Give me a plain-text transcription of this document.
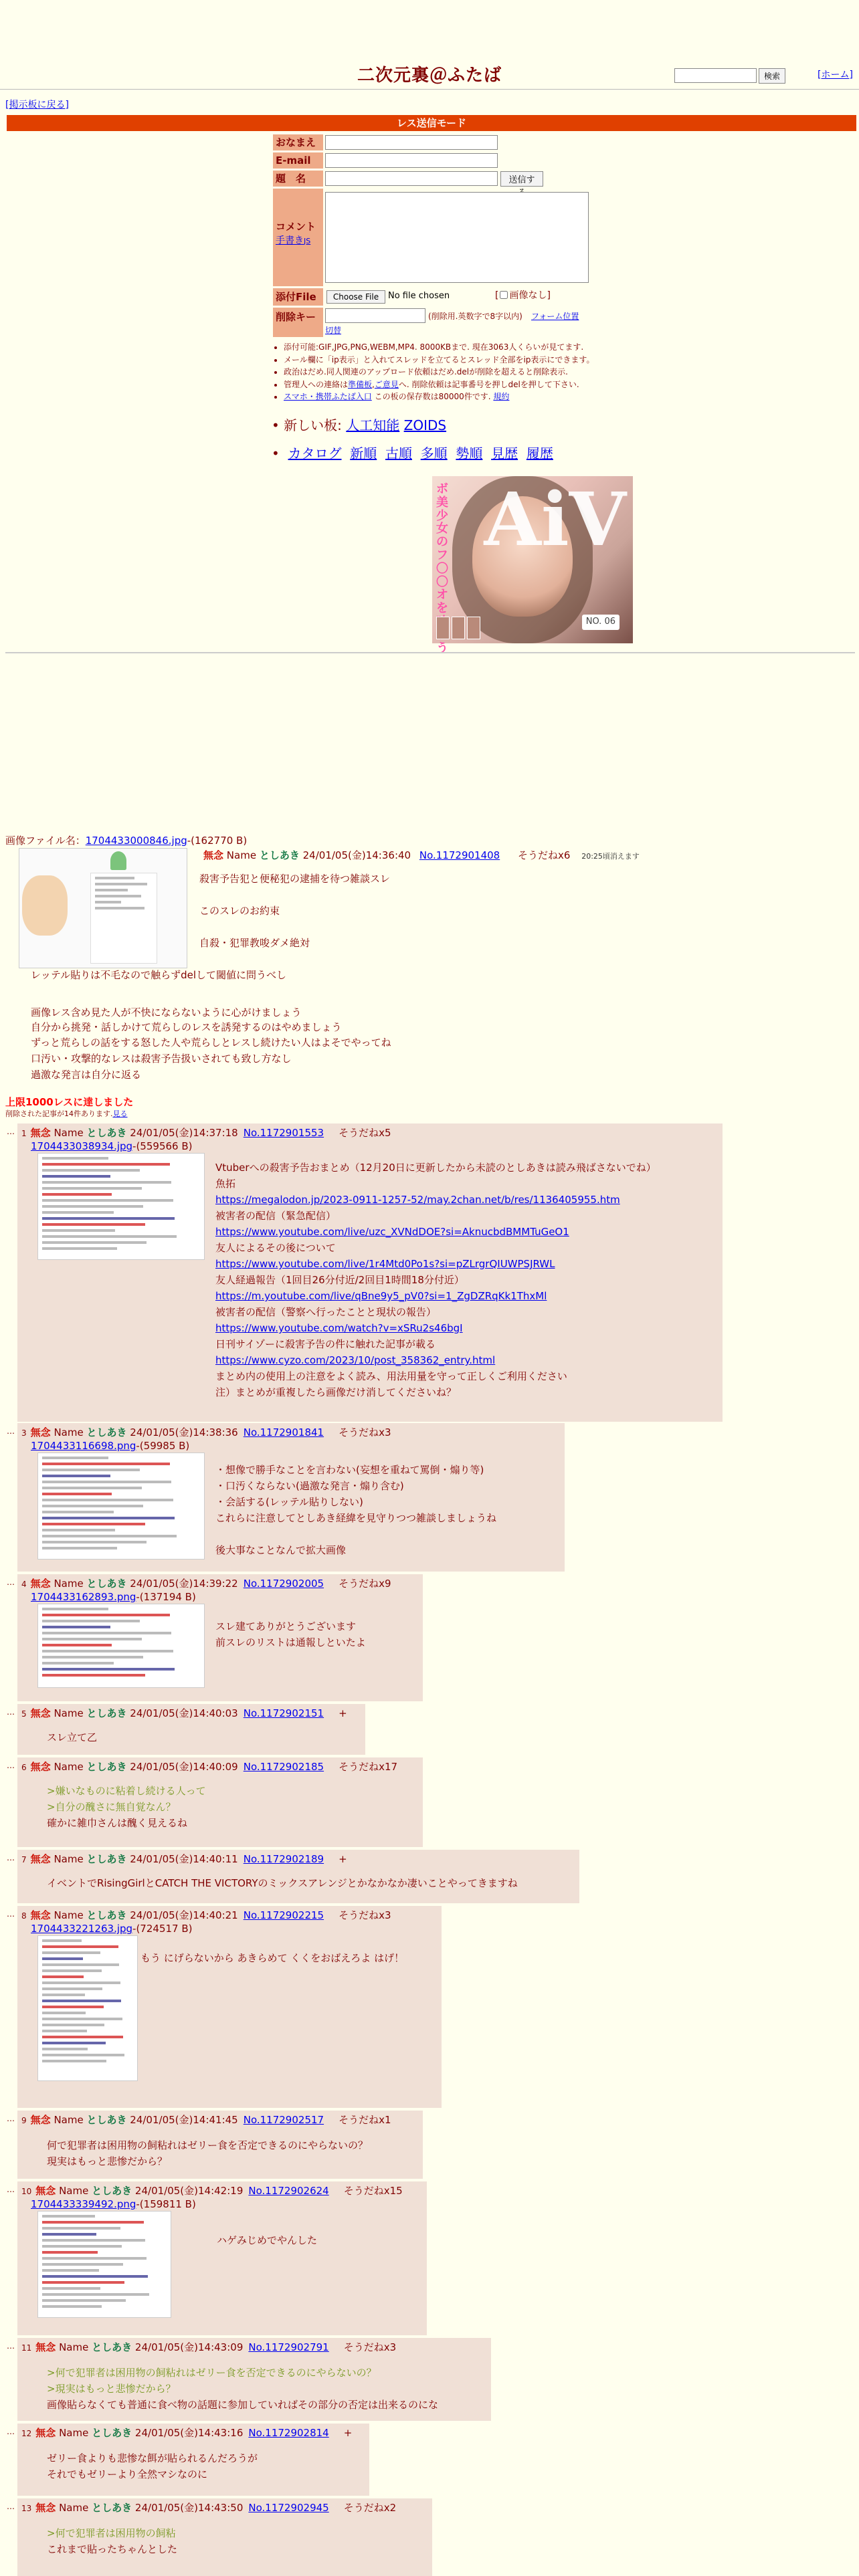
二次元裏＠ふたば	検索	[ホーム]
[掲示板に戻る]
レス送信モード
おなまえ
E-mail
題　名	送信す
コメント
手書きJS
添付File	Choose File	No file chosen	[ 画像なし]
削除キー	(削除用.英数字で8字以内) フォーム位置
切替
• 添付可能:GIF,JPG,PNG,WEBM,MP4. 8000KBまで. 現在3063人くらいが見てます.
• メール欄に「ip表示」と入れてスレッドを立てるとスレッド全部をip表示にできます。
• 政治はだめ.同人関連のアップロード依頼はだめ.delが削除を超えると削除表示.
• 管理人への連絡は準備板,ご意見へ. 削除依頼は記事番号を押しdelを押して下さい.
• スマホ・携帯ふたば入口 この板の保存数は80000件です. 規約
• 新しい板: 人工知能 ZOIDS
•  カタログ 新順 古順 多順 勢順 見歴 履歴
AiV
ボ美少女のフ〇〇オを う
NO. 06
画像ファイル名：1704433000846.jpg-(162770 B)
無念 Name としあき 24/01/05(金)14:36:40 No.1172901408 そうだねx6 20:25頃消えます
殺害予告犯と便秘犯の逮捕を待つ雑談スレ
このスレのお約束
自殺・犯罪教唆ダメ絶対
レッテル貼りは不毛なので触らずdelして閾値に問うべし
画像レス含め見た人が不快にならないように心がけましょう
自分から挑発・話しかけて荒らしのレスを誘発するのはやめましょう
ずっと荒らしの話をする怒した人や荒らしとレスし続けたい人はよそでやってね
口汚い・攻撃的なレスは殺害予告扱いされても致し方なし
過激な発言は自分に返る
上限1000レスに達しました
削除された記事が14件あります.見る
… 1 無念 Name としあき 24/01/05(金)14:37:18 No.1172901553 そうだねx5
1704433038934.jpg-(559566 B)
Vtuberへの殺害予告おまとめ（12月20日に更新したから未読のとしあきは読み飛ばさないでね）
魚拓
https://megalodon.jp/2023-0911-1257-52/may.2chan.net/b/res/1136405955.htm
被害者の配信（緊急配信）
https://www.youtube.com/live/uzc_XVNdDOE?si=AknucbdBMMTuGeO1
友人によるその後について
https://www.youtube.com/live/1r4Mtd0Po1s?si=pZLrgrQIUWPSJRWL
友人経過報告（1回目26分付近/2回目1時間18分付近）
https://m.youtube.com/live/qBne9y5_pV0?si=1_ZgDZRqKk1ThxMl
被害者の配信（警察へ行ったことと現状の報告）
https://www.youtube.com/watch?v=xSRu2s46bgI
日刊サイゾーに殺害予告の件に触れた記事が載る
https://www.cyzo.com/2023/10/post_358362_entry.html
まとめ内の使用上の注意をよく読み、用法用量を守って正しくご利用ください
注）まとめが重複したら画像だけ消してくださいね？
… 3 無念 Name としあき 24/01/05(金)14:38:36 No.1172901841 そうだねx3
1704433116698.png-(59985 B)
・想像で勝手なことを言わない(妄想を重ねて罵倒・煽り等)
・口汚くならない(過激な発言・煽り含む)
・会話する(レッテル貼りしない)
これらに注意してとしあき経緯を見守りつつ雑談しましょうね
後大事なことなんで拡大画像
… 4 無念 Name としあき 24/01/05(金)14:39:22 No.1172902005 そうだねx9
1704433162893.png-(137194 B)
スレ建てありがとうございます
前スレのリストは通報しといたよ
… 5 無念 Name としあき 24/01/05(金)14:40:03 No.1172902151 +
スレ立て乙
… 6 無念 Name としあき 24/01/05(金)14:40:09 No.1172902185 そうだねx17
>嫌いなものに粘着し続ける人って
>自分の醜さに無自覚なん？
確かに雑巾さんは醜く見えるね
… 7 無念 Name としあき 24/01/05(金)14:40:11 No.1172902189 +
イベントでRisingGirlとCATCH THE VICTORYのミックスアレンジとかなかなか凄いことやってきますね
… 8 無念 Name としあき 24/01/05(金)14:40:21 No.1172902215 そうだねx3
1704433221263.jpg-(724517 B)
もう にげらないから あきらめて くくをおばえろよ はげ！
… 9 無念 Name としあき 24/01/05(金)14:41:45 No.1172902517 そうだねx1
何で犯罪者は困用物の飼粘れはゼリー食を否定できるのにやらないの？
現実はもっと悲惨だから？
… 10 無念 Name としあき 24/01/05(金)14:42:19 No.1172902624 そうだねx15
1704433339492.png-(159811 B)
ハゲみじめでやんした
… 11 無念 Name としあき 24/01/05(金)14:43:09 No.1172902791 そうだねx3
>何で犯罪者は困用物の飼粘れはゼリー食を否定できるのにやらないの？
>現実はもっと悲惨だから？
画像貼らなくても普通に食べ物の話題に参加していればその部分の否定は出来るのにな
… 12 無念 Name としあき 24/01/05(金)14:43:16 No.1172902814 +
ゼリー食よりも悲惨な餌が貼られるんだろうが
それでもゼリーより全然マシなのに
… 13 無念 Name としあき 24/01/05(金)14:43:50 No.1172902945 そうだねx2
>何で犯罪者は困用物の飼粘
これまで貼ったちゃんとした
